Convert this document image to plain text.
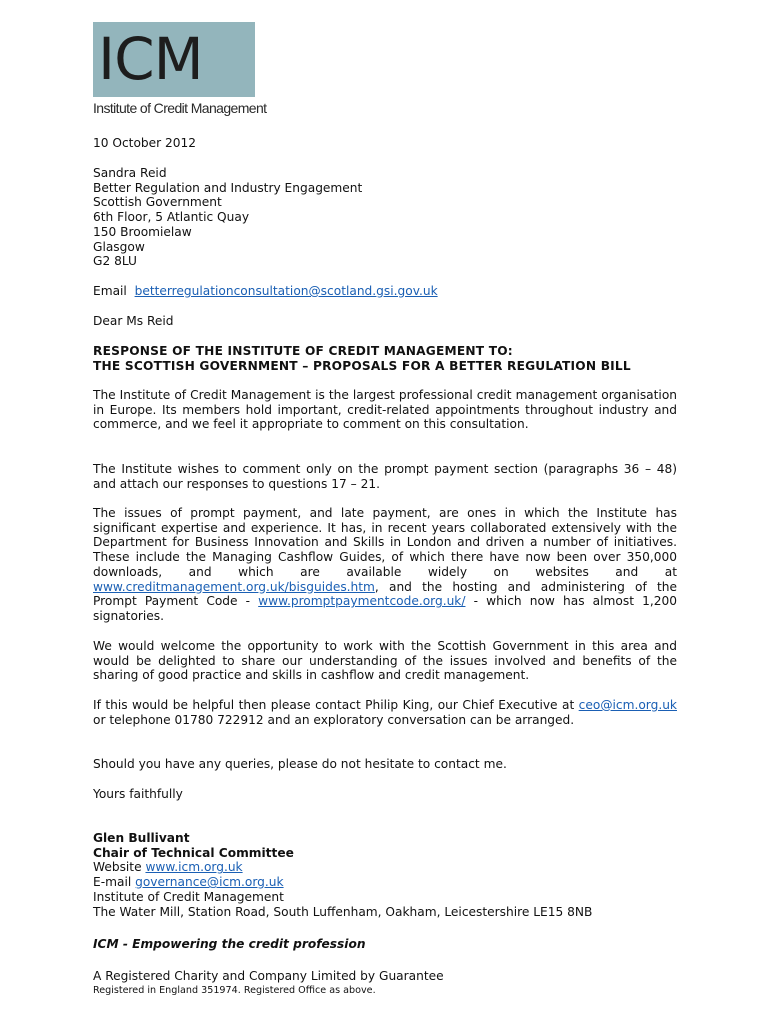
ICM
Institute of Credit Management
10 October 2012
Sandra Reid
Better Regulation and Industry Engagement
Scottish Government
6th Floor, 5 Atlantic Quay
150 Broomielaw
Glasgow
G2 8LU
Email betterregulationconsultation@scotland.gsi.gov.uk
Dear Ms Reid
RESPONSE OF THE INSTITUTE OF CREDIT MANAGEMENT TO:
THE SCOTTISH GOVERNMENT – PROPOSALS FOR A BETTER REGULATION BILL
The Institute of Credit Management is the largest professional credit management organisation in Europe. Its members hold important, credit-related appointments throughout industry and commerce, and we feel it appropriate to comment on this consultation.
The Institute wishes to comment only on the prompt payment section (paragraphs 36 – 48) and attach our responses to questions 17 – 21.
The issues of prompt payment, and late payment, are ones in which the Institute has significant expertise and experience. It has, in recent years collaborated extensively with the Department for Business Innovation and Skills in London and driven a number of initiatives. These include the Managing Cashflow Guides, of which there have now been over 350,000 downloads, and which are available widely on websites and at www.creditmanagement.org.uk/bisguides.htm, and the hosting and administering of the Prompt Payment Code - www.promptpaymentcode.org.uk/ - which now has almost 1,200 signatories.
We would welcome the opportunity to work with the Scottish Government in this area and would be delighted to share our understanding of the issues involved and benefits of the sharing of good practice and skills in cashflow and credit management.
If this would be helpful then please contact Philip King, our Chief Executive at ceo@icm.org.uk or telephone 01780 722912 and an exploratory conversation can be arranged.
Should you have any queries, please do not hesitate to contact me.
Yours faithfully
Glen Bullivant
Chair of Technical Committee
Website www.icm.org.uk
E-mail governance@icm.org.uk
Institute of Credit Management
The Water Mill, Station Road, South Luffenham, Oakham, Leicestershire LE15 8NB
ICM - Empowering the credit profession
A Registered Charity and Company Limited by Guarantee
Registered in England 351974. Registered Office as above.
